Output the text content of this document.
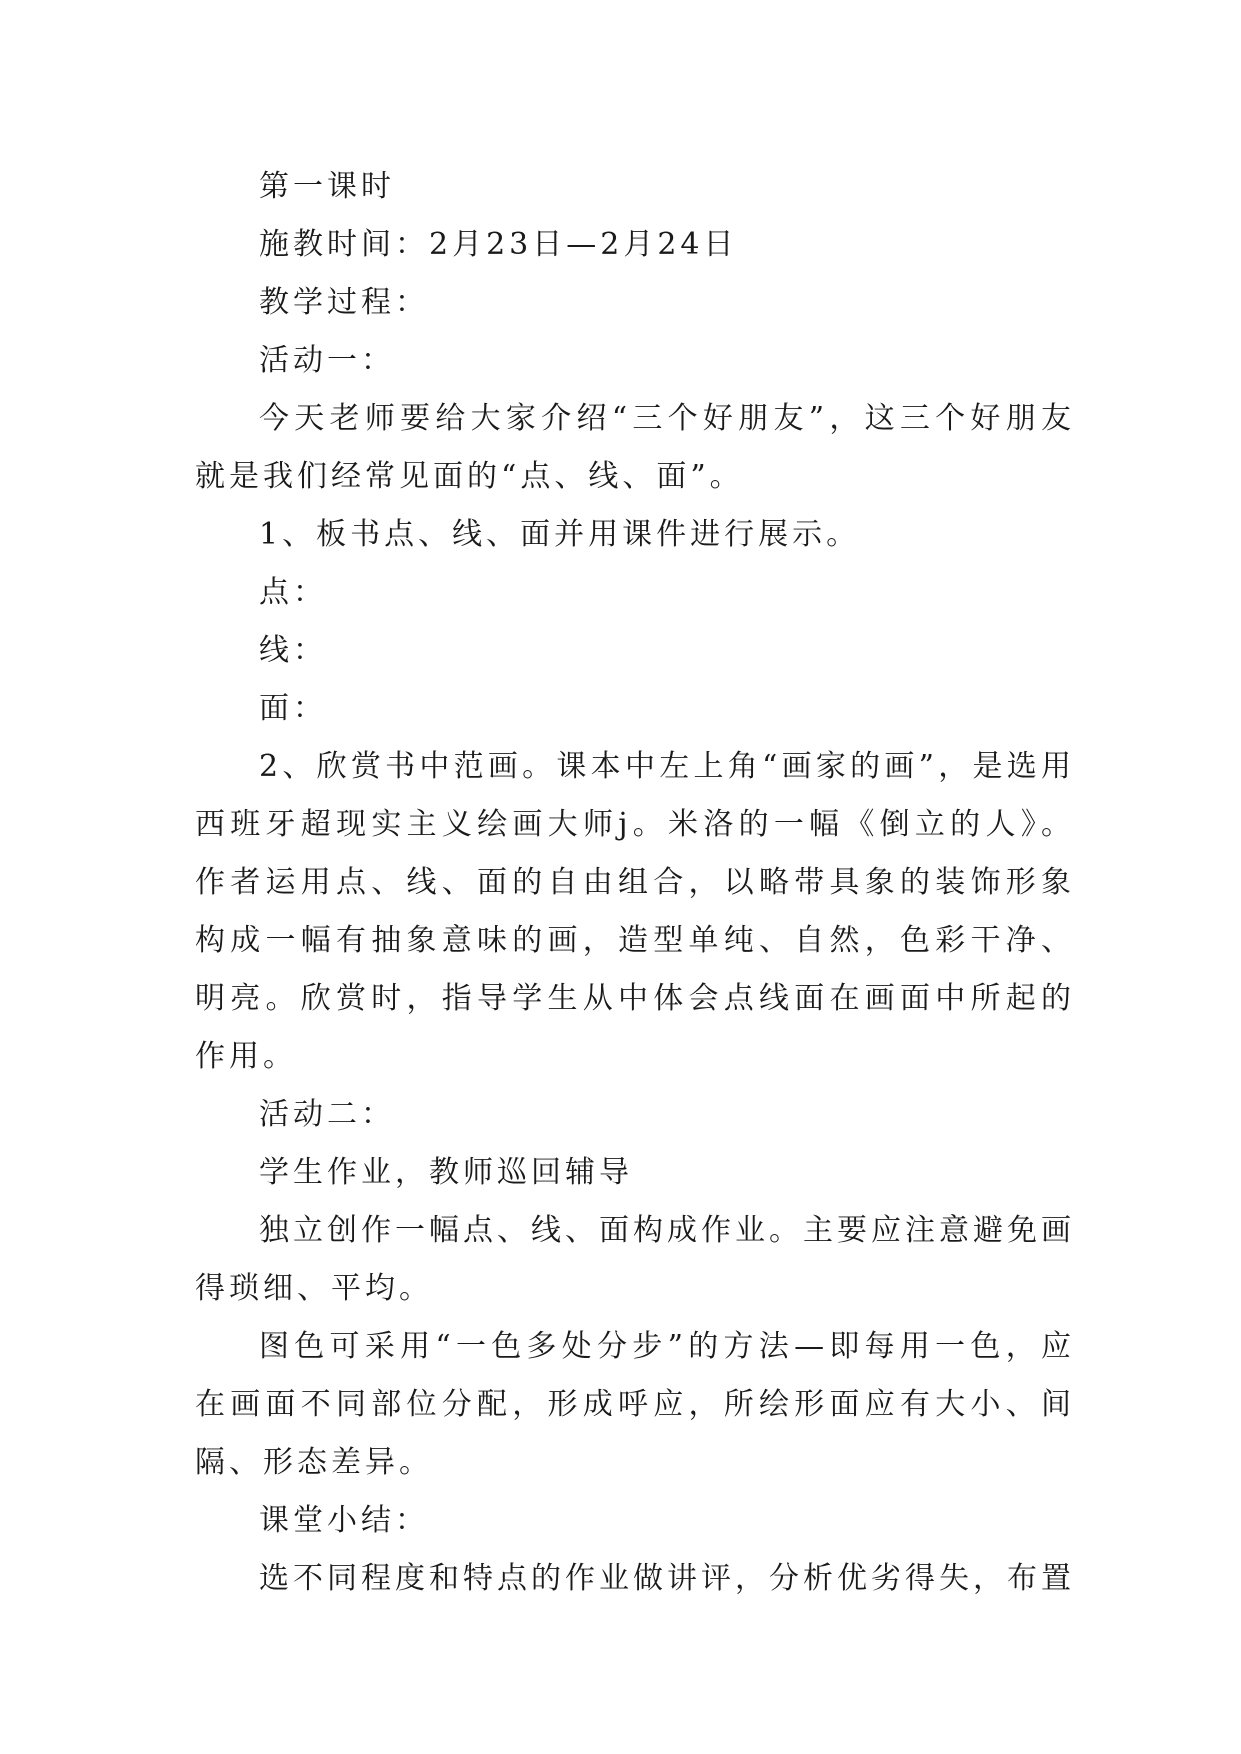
第一课时

施教时间：2月23日—2月24日

教学过程：

活动一：

今天老师要给大家介绍“三个好朋友”，这三个好朋友就是我们经常见面的“点、线、面”。

1、板书点、线、面并用课件进行展示。

点：

线：

面：

2、欣赏书中范画。课本中左上角“画家的画”，是选用西班牙超现实主义绘画大师j。米洛的一幅《倒立的人》。作者运用点、线、面的自由组合，以略带具象的装饰形象构成一幅有抽象意味的画，造型单纯、自然，色彩干净、明亮。欣赏时，指导学生从中体会点线面在画面中所起的作用。

活动二：

学生作业，教师巡回辅导

独立创作一幅点、线、面构成作业。主要应注意避免画得琐细、平均。

图色可采用“一色多处分步”的方法—即每用一色，应在画面不同部位分配，形成呼应，所绘形面应有大小、间隔、形态差异。

课堂小结：

选不同程度和特点的作业做讲评，分析优劣得失，布置
